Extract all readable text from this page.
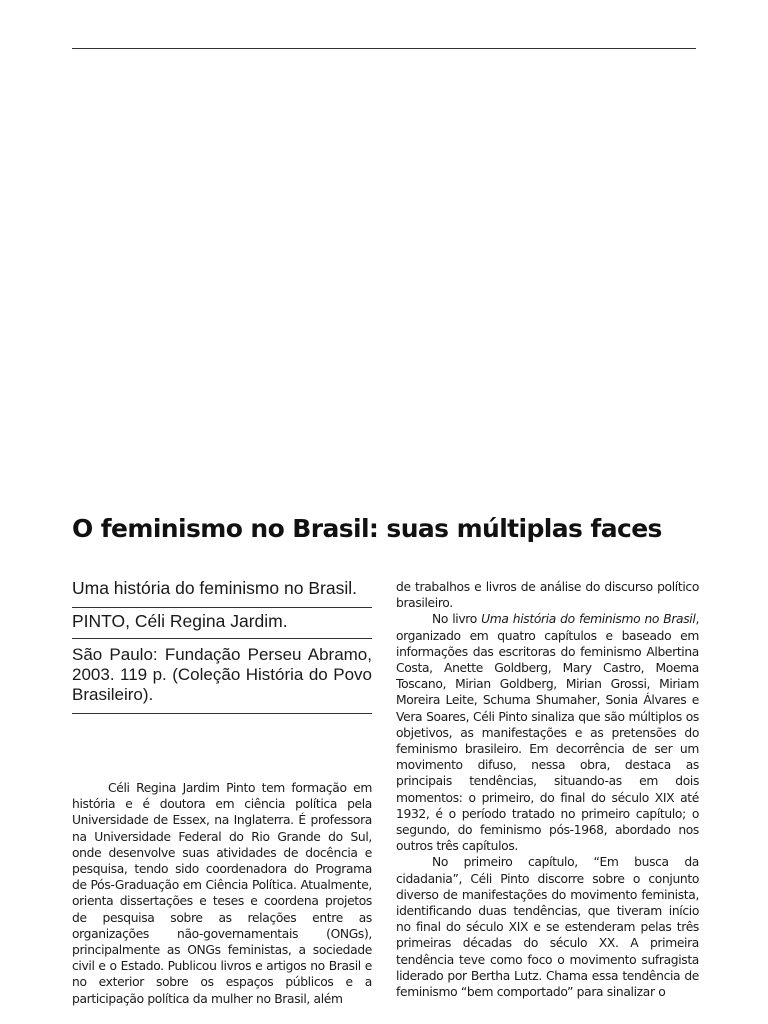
O feminismo no Brasil: suas múltiplas faces

Uma história do feminismo no Brasil.

PINTO, Céli Regina Jardim.

São Paulo: Fundação Perseu Abramo, 2003. 119 p. (Coleção História do Povo Brasileiro).

Céli Regina Jardim Pinto tem formação em história e é doutora em ciência política pela Universidade de Essex, na Inglaterra. É professora na Universidade Federal do Rio Grande do Sul, onde desenvolve suas atividades de docência e pesquisa, tendo sido coordenadora do Programa de Pós-Graduação em Ciência Política. Atualmente, orienta dissertações e teses e coordena projetos de pesquisa sobre as relações entre as organizações não-governamentais (ONGs), principalmente as ONGs feministas, a sociedade civil e o Estado. Publicou livros e artigos no Brasil e no exterior sobre os espaços públicos e a participação política da mulher no Brasil, além

de trabalhos e livros de análise do discurso político brasileiro.

No livro Uma história do feminismo no Brasil, organizado em quatro capítulos e baseado em informações das escritoras do feminismo Albertina Costa, Anette Goldberg, Mary Castro, Moema Toscano, Mirian Goldberg, Mirian Grossi, Miriam Moreira Leite, Schuma Shumaher, Sonia Álvares e Vera Soares, Céli Pinto sinaliza que são múltiplos os objetivos, as manifestações e as pretensões do feminismo brasileiro. Em decorrência de ser um movimento difuso, nessa obra, destaca as principais tendências, situando-as em dois momentos: o primeiro, do final do século XIX até 1932, é o período tratado no primeiro capítulo; o segundo, do feminismo pós-1968, abordado nos outros três capítulos.

No primeiro capítulo, “Em busca da cidadania”, Céli Pinto discorre sobre o conjunto diverso de manifestações do movimento feminista, identificando duas tendências, que tiveram início no final do século XIX e se estenderam pelas três primeiras décadas do século XX. A primeira tendência teve como foco o movimento sufragista liderado por Bertha Lutz. Chama essa tendência de feminismo “bem comportado” para sinalizar o
